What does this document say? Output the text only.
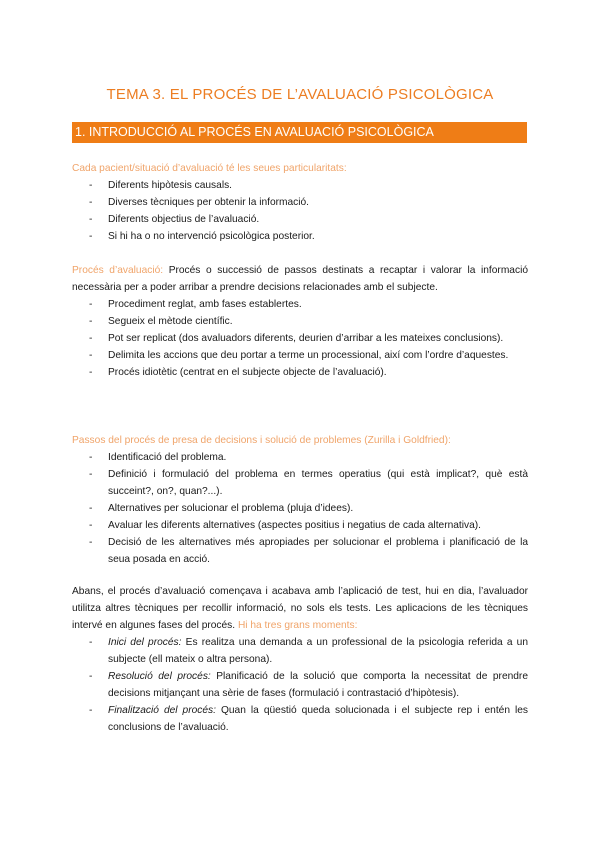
TEMA 3. EL PROCÉS DE L’AVALUACIÓ PSICOLÒGICA
1. INTRODUCCIÓ AL PROCÉS EN AVALUACIÓ PSICOLÒGICA

Cada pacient/situació d’avaluació té les seues particularitats:

- Diferents hipòtesis causals.
- Diverses tècniques per obtenir la informació.
- Diferents objectius de l’avaluació.
- Si hi ha o no intervenció psicològica posterior.

Procés d’avaluació: Procés o successió de passos destinats a recaptar i valorar la informació necessària per a poder arribar a prendre decisions relacionades amb el subjecte.

- Procediment reglat, amb fases establertes.
- Segueix el mètode científic.
- Pot ser replicat (dos avaluadors diferents, deurien d’arribar a les mateixes conclusions).
- Delimita les accions que deu portar a terme un processional, així com l’ordre d’aquestes.
- Procés idiotètic (centrat en el subjecte objecte de l’avaluació).

Passos del procés de presa de decisions i solució de problemes (Zurilla i Goldfried):

- Identificació del problema.
- Definició i formulació del problema en termes operatius (qui està implicat?, què està succeint?, on?, quan?...).
- Alternatives per solucionar el problema (pluja d’idees).
- Avaluar les diferents alternatives (aspectes positius i negatius de cada alternativa).
- Decisió de les alternatives més apropiades per solucionar el problema i planificació de la seua posada en acció.

Abans, el procés d’avaluació començava i acabava amb l’aplicació de test, hui en dia, l’avaluador utilitza altres tècniques per recollir informació, no sols els tests. Les aplicacions de les tècniques intervé en algunes fases del procés. Hi ha tres grans moments:

- Inici del procés: Es realitza una demanda a un professional de la psicologia referida a un subjecte (ell mateix o altra persona).
- Resolució del procés: Planificació de la solució que comporta la necessitat de prendre decisions mitjançant una sèrie de fases (formulació i contrastació d’hipòtesis).
- Finalització del procés: Quan la qüestió queda solucionada i el subjecte rep i entén les conclusions de l’avaluació.
